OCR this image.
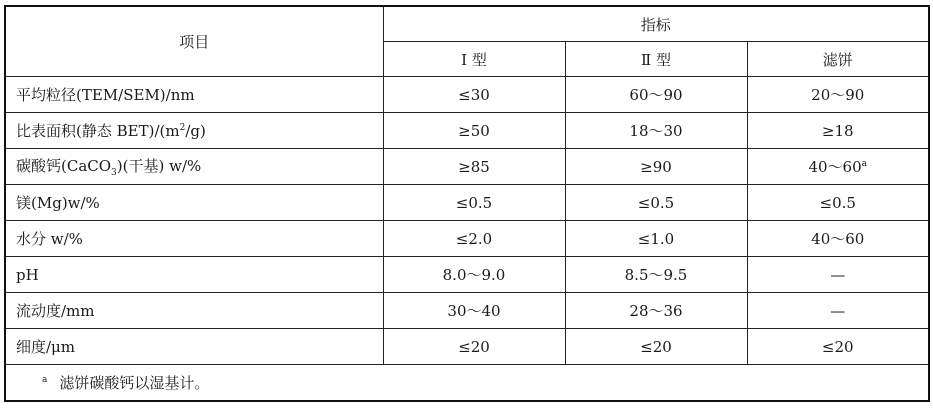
项目	指标		
	Ⅰ 型	Ⅱ 型	滤饼
平均粒径(TEM/SEM)/nm	≤30	60～90	20～90
比表面积(静态 $BET)/(m^2/g)$	≥50	18～30	≥18
碳酸钙(CaCO$_3$)(干基) w/%	≥85	≥90	40～60$^a$
镁(Mg)w/%	≤0.5	≤0.5	≤0.5
水分 w/%	≤2.0	≤1.0	40～60
pH	8.0～9.0	8.5～9.5	—
流动度/mm	30～40	28～36	—
细度/μm	≤20	≤20	≤20
$^a$ 滤饼碳酸钙以湿基计。			
